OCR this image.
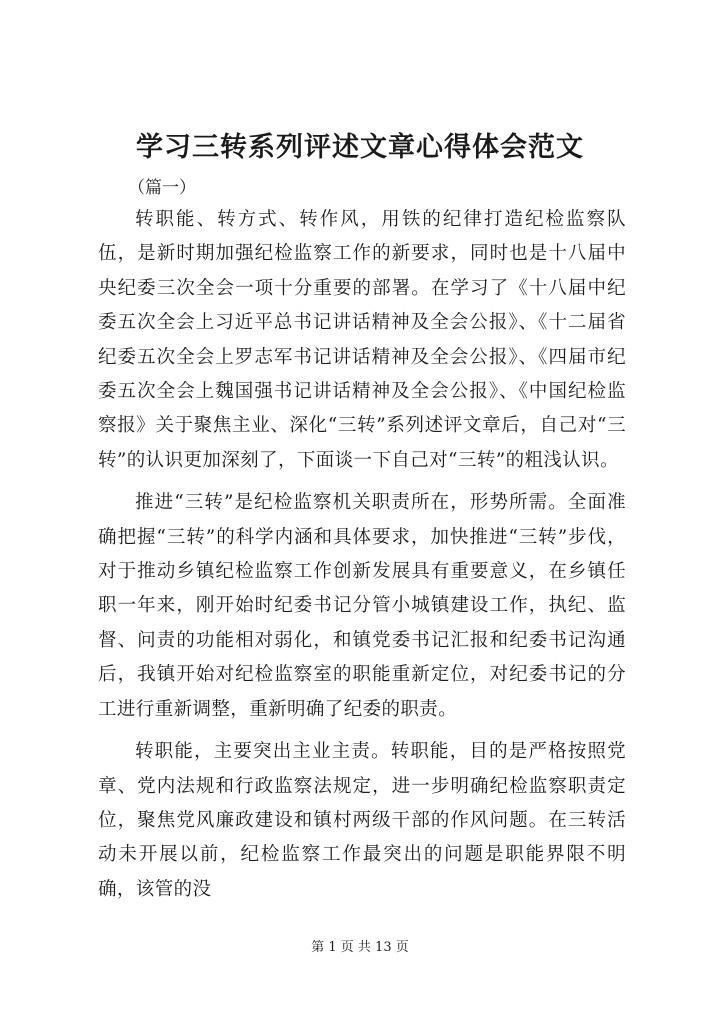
学习三转系列评述文章心得体会范文

（篇一）

转职能、转方式、转作风，用铁的纪律打造纪检监察队伍，是新时期加强纪检监察工作的新要求，同时也是十八届中央纪委三次全会一项十分重要的部署。在学习了《十八届中纪委五次全会上习近平总书记讲话精神及全会公报》、《十二届省纪委五次全会上罗志军书记讲话精神及全会公报》、《四届市纪委五次全会上魏国强书记讲话精神及全会公报》、《中国纪检监察报》关于聚焦主业、深化“三转”系列述评文章后，自己对“三转”的认识更加深刻了，下面谈一下自己对“三转”的粗浅认识。

推进“三转”是纪检监察机关职责所在，形势所需。全面准确把握“三转”的科学内涵和具体要求，加快推进“三转”步伐，对于推动乡镇纪检监察工作创新发展具有重要意义，在乡镇任职一年来，刚开始时纪委书记分管小城镇建设工作，执纪、监督、问责的功能相对弱化，和镇党委书记汇报和纪委书记沟通后，我镇开始对纪检监察室的职能重新定位，对纪委书记的分工进行重新调整，重新明确了纪委的职责。

转职能，主要突出主业主责。转职能，目的是严格按照党章、党内法规和行政监察法规定，进一步明确纪检监察职责定位，聚焦党风廉政建设和镇村两级干部的作风问题。在三转活动未开展以前，纪检监察工作最突出的问题是职能界限不明确，该管的没

第 1 页 共 13 页
